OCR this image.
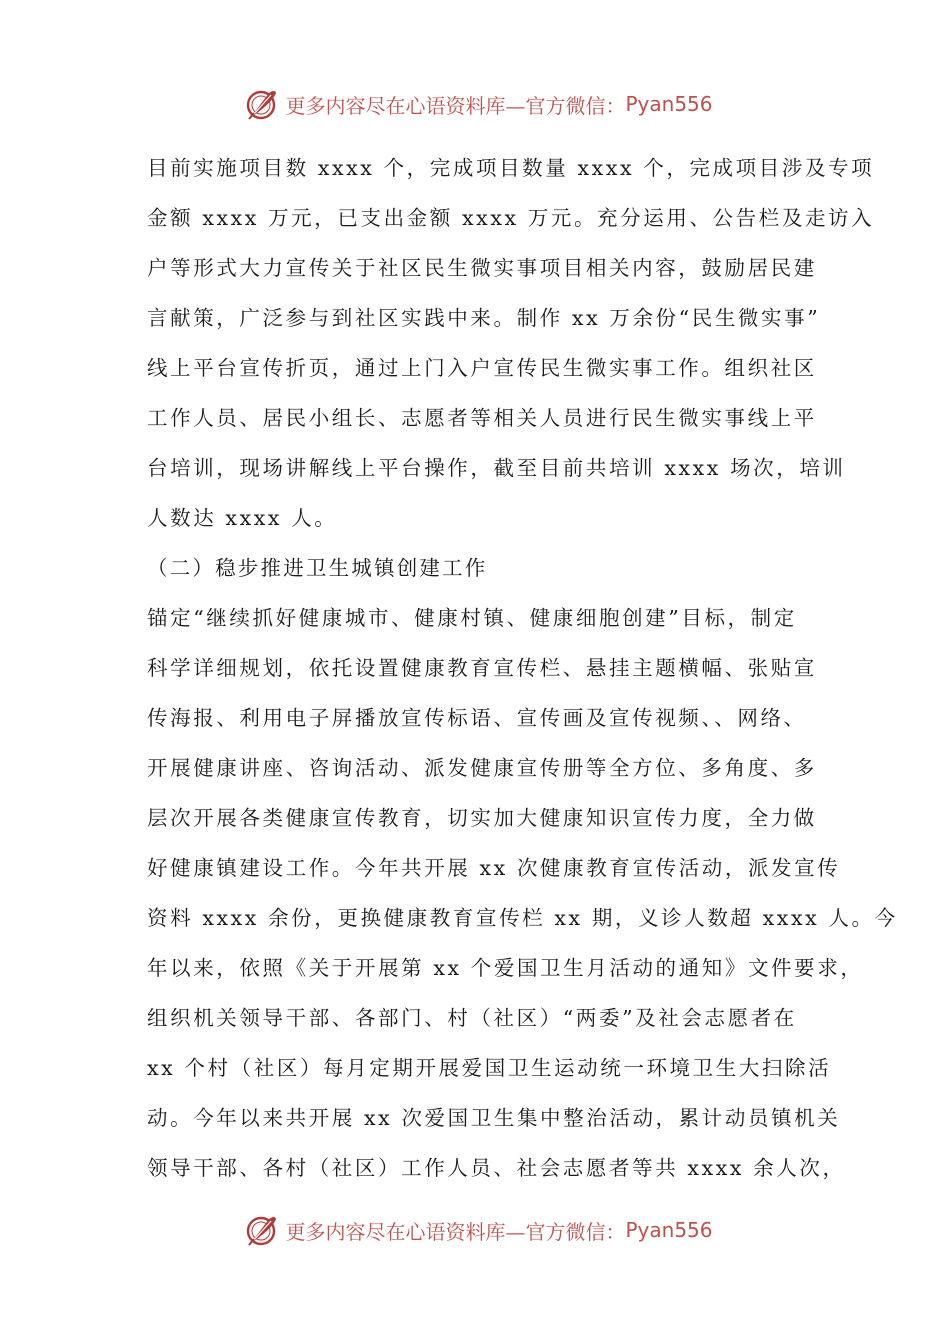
更多内容尽在心语资料库—官方微信： Pyan556
目前实施项目数 xxxx 个，完成项目数量 xxxx 个，完成项目涉及专项
金额 xxxx 万元，已支出金额 xxxx 万元。充分运用、公告栏及走访入
户等形式大力宣传关于社区民生微实事项目相关内容，鼓励居民建
言献策，广泛参与到社区实践中来。制作 xx 万余份“民生微实事”
线上平台宣传折页，通过上门入户宣传民生微实事工作。组织社区
工作人员、居民小组长、志愿者等相关人员进行民生微实事线上平
台培训，现场讲解线上平台操作，截至目前共培训 xxxx 场次，培训
人数达 xxxx 人。
（二）稳步推进卫生城镇创建工作
锚定“继续抓好健康城市、健康村镇、健康细胞创建”目标，制定
科学详细规划，依托设置健康教育宣传栏、悬挂主题横幅、张贴宣
传海报、利用电子屏播放宣传标语、宣传画及宣传视频、、网络、
开展健康讲座、咨询活动、派发健康宣传册等全方位、多角度、多
层次开展各类健康宣传教育，切实加大健康知识宣传力度，全力做
好健康镇建设工作。今年共开展 xx 次健康教育宣传活动，派发宣传
资料 xxxx 余份，更换健康教育宣传栏 xx 期，义诊人数超 xxxx 人。今
年以来，依照《关于开展第 xx 个爱国卫生月活动的通知》文件要求，
组织机关领导干部、各部门、村（社区）“两委”及社会志愿者在
xx 个村（社区）每月定期开展爱国卫生运动统一环境卫生大扫除活
动。今年以来共开展 xx 次爱国卫生集中整治活动，累计动员镇机关
领导干部、各村（社区）工作人员、社会志愿者等共 xxxx 余人次，
更多内容尽在心语资料库—官方微信： Pyan556
